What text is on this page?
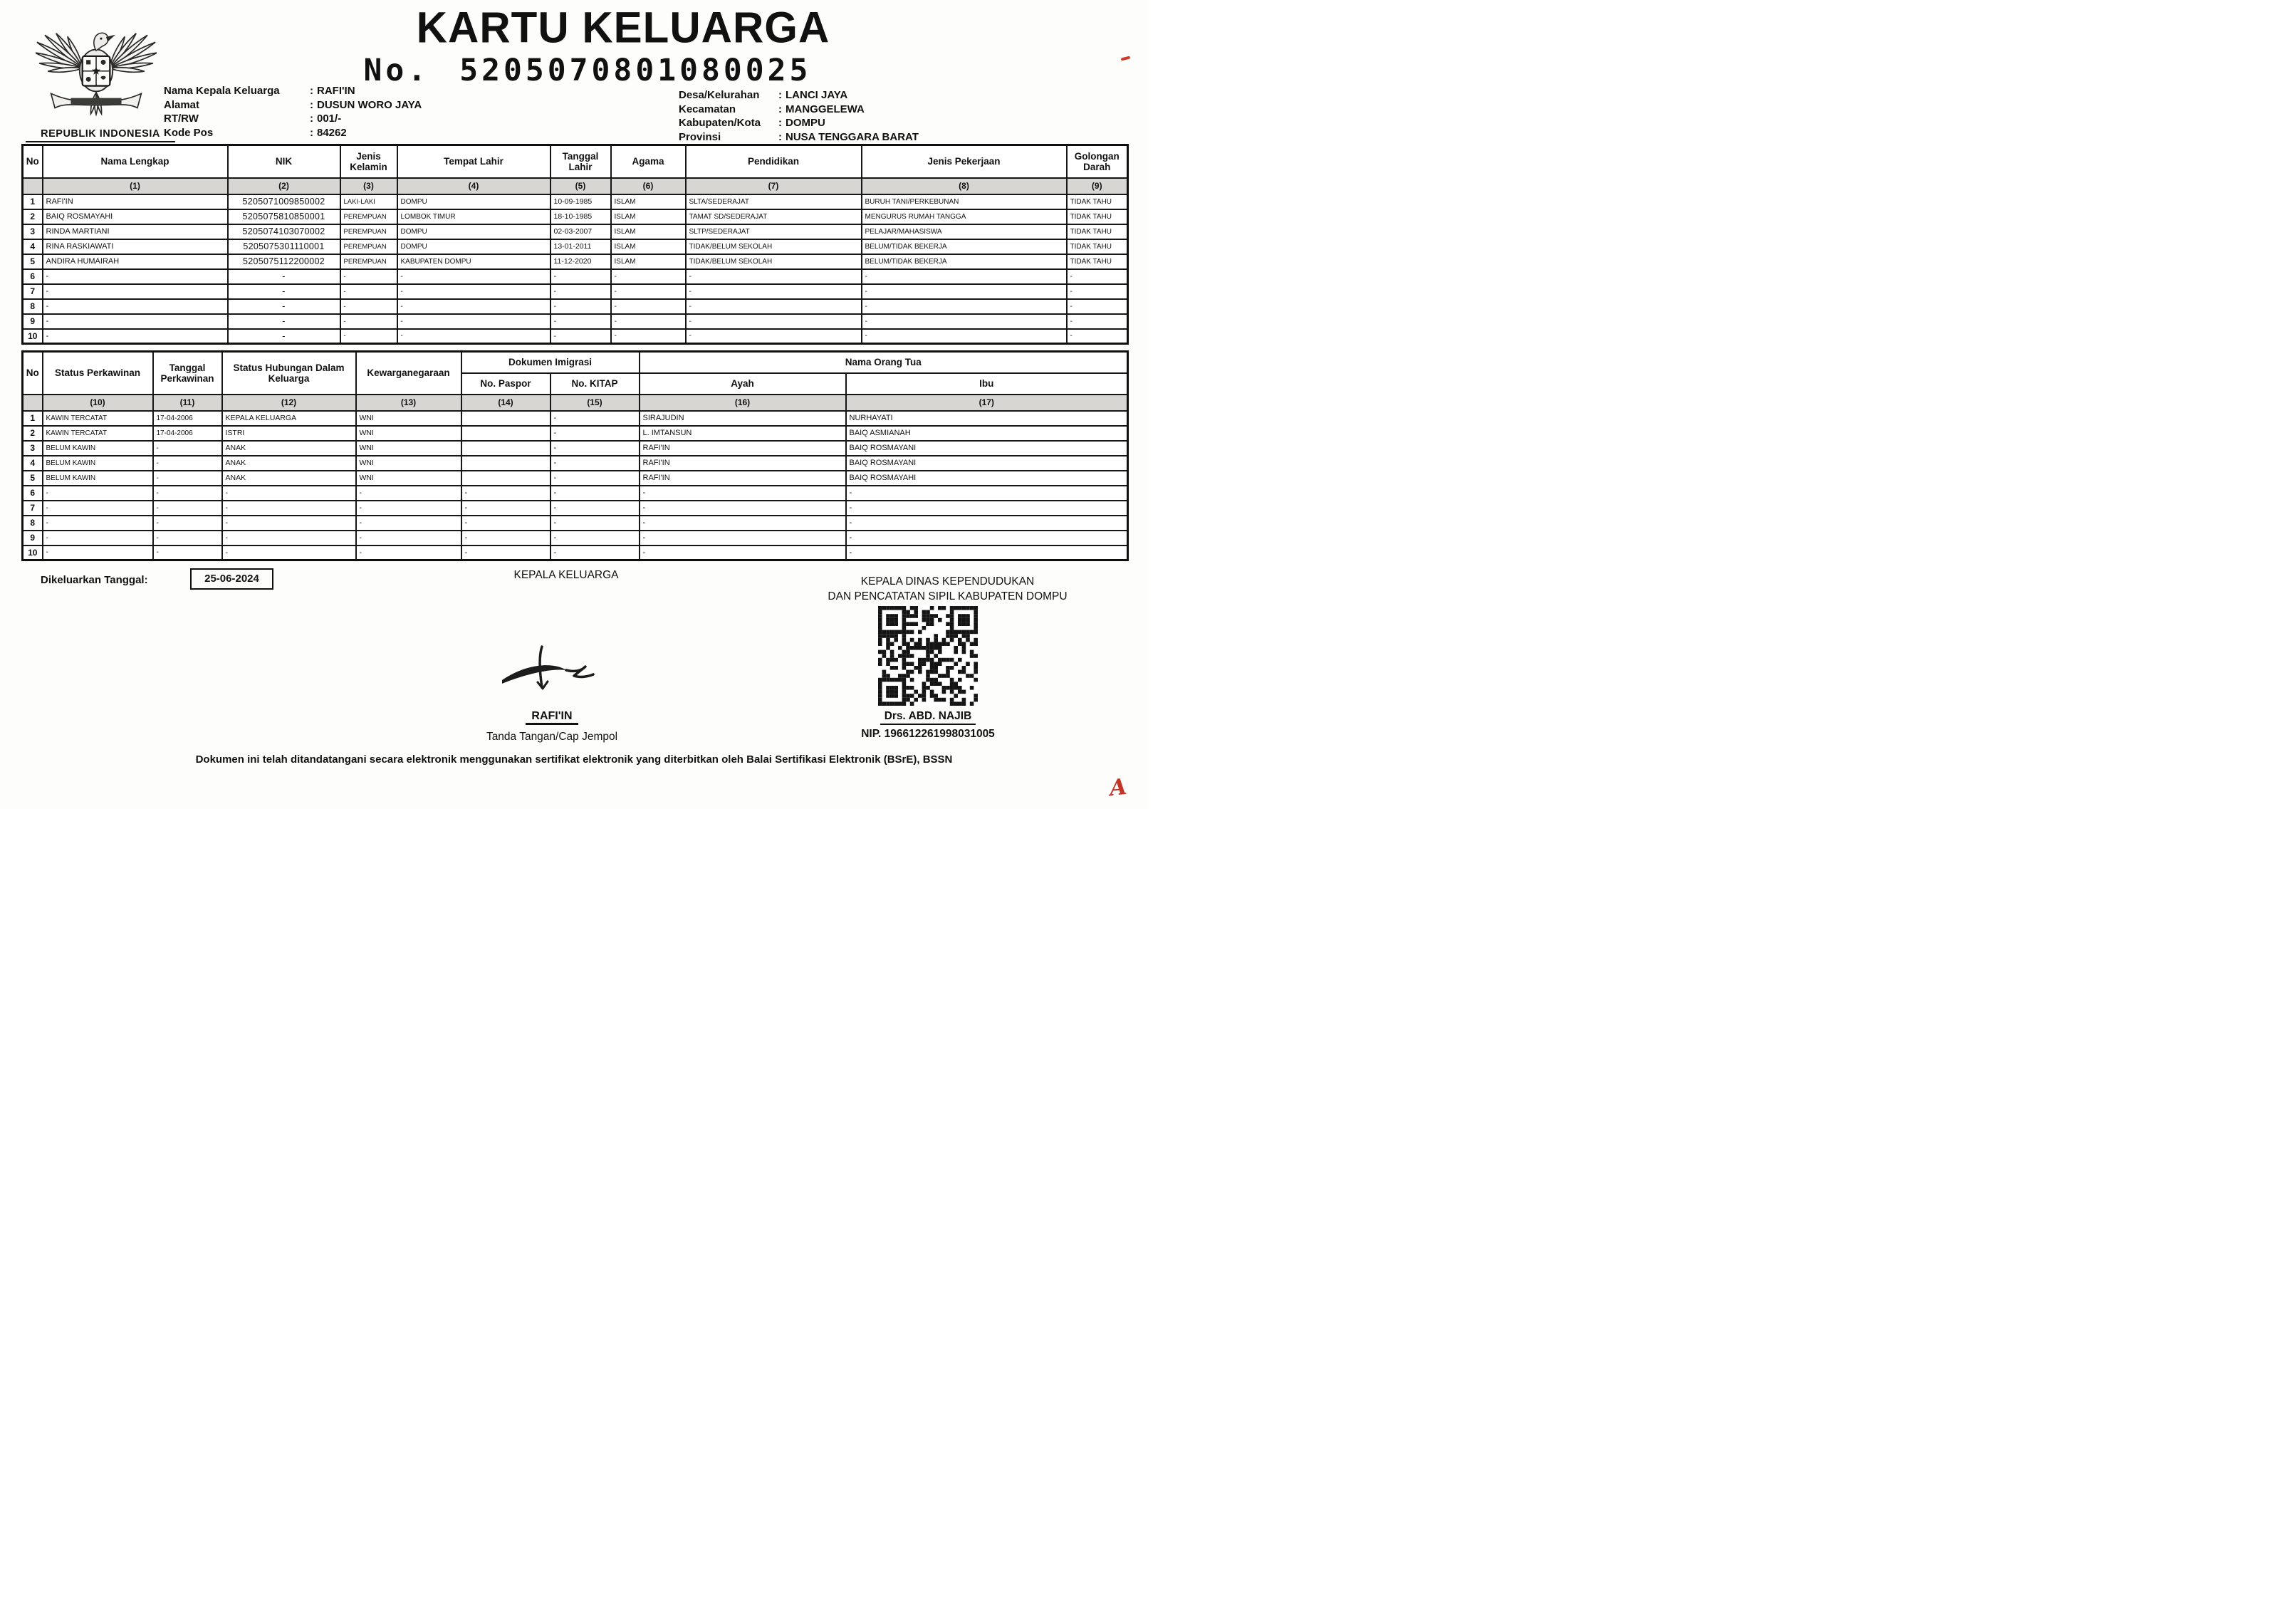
REPUBLIK INDONESIA
KARTU KELUARGA
No. 5205070801080025
Nama Kepala Keluarga	: RAFI'IN
Alamat	: DUSUN WORO JAYA
RT/RW	: 001/-
Kode Pos	: 84262
Desa/Kelurahan : LANCI JAYA
Kecamatan	: MANGGELEWA
Kabupaten/Kota : DOMPU
Provinsi	: NUSA TENGGARA BARAT
No	Nama Lengkap	NIK	Jenis Kelamin	Tempat Lahir	Tanggal Lahir	Agama	Pendidikan	Jenis Pekerjaan	Golongan Darah
	(1)	(2)	(3)	(4)	(5)	(6)	(7)	(8)	(9)
1	RAFI'IN	5205071009850002	LAKI-LAKI	DOMPU	10-09-1985	ISLAM	SLTA/SEDERAJAT	BURUH TANI/PERKEBUNAN	TIDAK TAHU
2	BAIQ ROSMAYAHI	5205075810850001	PEREMPUAN	LOMBOK TIMUR	18-10-1985	ISLAM	TAMAT SD/SEDERAJAT	MENGURUS RUMAH TANGGA	TIDAK TAHU
3	RINDA MARTIANI	5205074103070002	PEREMPUAN	DOMPU	02-03-2007	ISLAM	SLTP/SEDERAJAT	PELAJAR/MAHASISWA	TIDAK TAHU
4	RINA RASKIAWATI	5205075301110001	PEREMPUAN	DOMPU	13-01-2011	ISLAM	TIDAK/BELUM SEKOLAH	BELUM/TIDAK BEKERJA	TIDAK TAHU
5	ANDIRA HUMAIRAH	5205075112200002	PEREMPUAN	KABUPATEN DOMPU	11-12-2020	ISLAM	TIDAK/BELUM SEKOLAH	BELUM/TIDAK BEKERJA	TIDAK TAHU
6	-	-	-	-	-	-	-	-	-
7	-	-	-	-	-	-	-	-	-
8	-	-	-	-	-	-	-	-	-
9	-	-	-	-	-	-	-	-	-
10	-	-	-	-	-	-	-	-	-
No	Status Perkawinan	Tanggal Perkawinan	Status Hubungan Dalam Keluarga	Kewarganegaraan	Dokumen Imigrasi		Nama Orang Tua	
					No. Paspor	No. KITAP	Ayah	Ibu
	(10)	(11)	(12)	(13)	(14)	(15)	(16)	(17)
1	KAWIN TERCATAT	17-04-2006	KEPALA KELUARGA	WNI		-	SIRAJUDIN	NURHAYATI
2	KAWIN TERCATAT	17-04-2006	ISTRI	WNI		-	L. IMTANSUN	BAIQ ASMIANAH
3	BELUM KAWIN	-	ANAK	WNI		-	RAFI'IN	BAIQ ROSMAYANI
4	BELUM KAWIN	-	ANAK	WNI		-	RAFI'IN	BAIQ ROSMAYANI
5	BELUM KAWIN	-	ANAK	WNI		-	RAFI'IN	BAIQ ROSMAYAHI
6	-	-	-	-	-	-	-	-
7	-	-	-	-	-	-	-	-
8	-	-	-	-	-	-	-	-
9	-	-	-	-	-	-	-	-
10	-	-	-	-	-	-	-	-
Dikeluarkan Tanggal:	25-06-2024	KEPALA KELUARGA
KEPALA DINAS KEPENDUDUKAN
DAN PENCATATAN SIPIL KABUPATEN DOMPU
RAFI'IN
Tanda Tangan/Cap Jempol
Drs. ABD. NAJIB
NIP. 196612261998031005
Dokumen ini telah ditandatangani secara elektronik menggunakan sertifikat elektronik yang diterbitkan oleh Balai Sertifikasi Elektronik (BSrE), BSSN
A
